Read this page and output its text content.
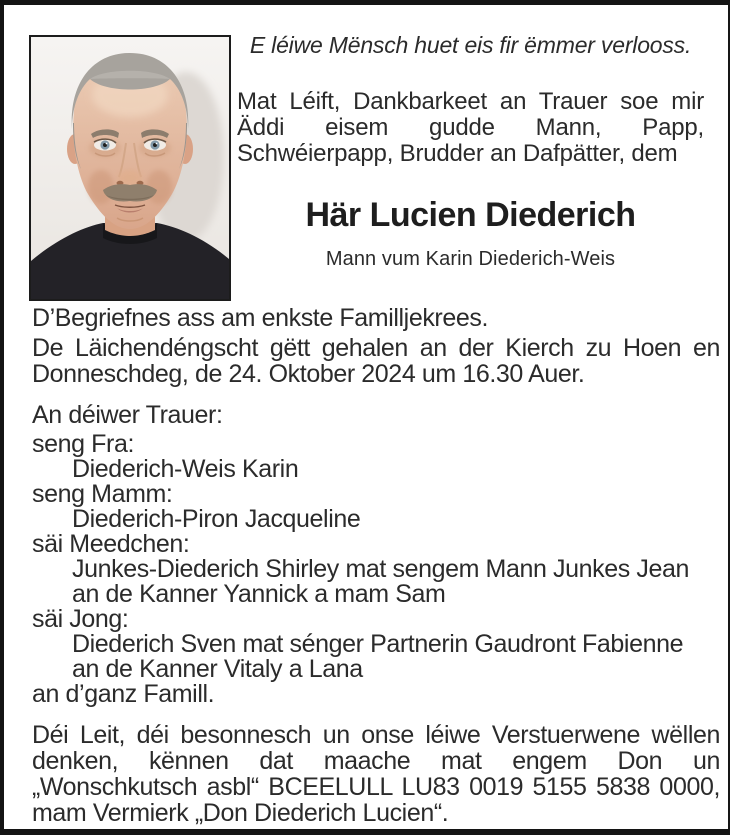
E léiwe Mënsch huet eis fir ëmmer verlooss.

Mat Léift, Dankbarkeet an Trauer soe mir
Äddi eisem gudde Mann, Papp,
Schwéierpapp, Brudder an Dafpätter, dem

Här Lucien Diederich

Mann vum Karin Diederich-Weis

D’Begriefnes ass am enkste Familljekrees.

De Läichendéngscht gëtt gehalen an der Kierch zu Hoen en
Donneschdeg, de 24. Oktober 2024 um 16.30 Auer.

An déiwer Trauer:

seng Fra:
Diederich-Weis Karin
seng Mamm:
Diederich-Piron Jacqueline
säi Meedchen:
Junkes-Diederich Shirley mat sengem Mann Junkes Jean
an de Kanner Yannick a mam Sam
säi Jong:
Diederich Sven mat sénger Partnerin Gaudront Fabienne
an de Kanner Vitaly a Lana

an d’ganz Famill.

Déi Leit, déi besonnesch un onse léiwe Verstuerwene wëllen
denken, kënnen dat maache mat engem Don un
„Wonschkutsch asbl“ BCEELULL LU83 0019 5155 5838 0000,
mam Vermierk „Don Diederich Lucien“.
